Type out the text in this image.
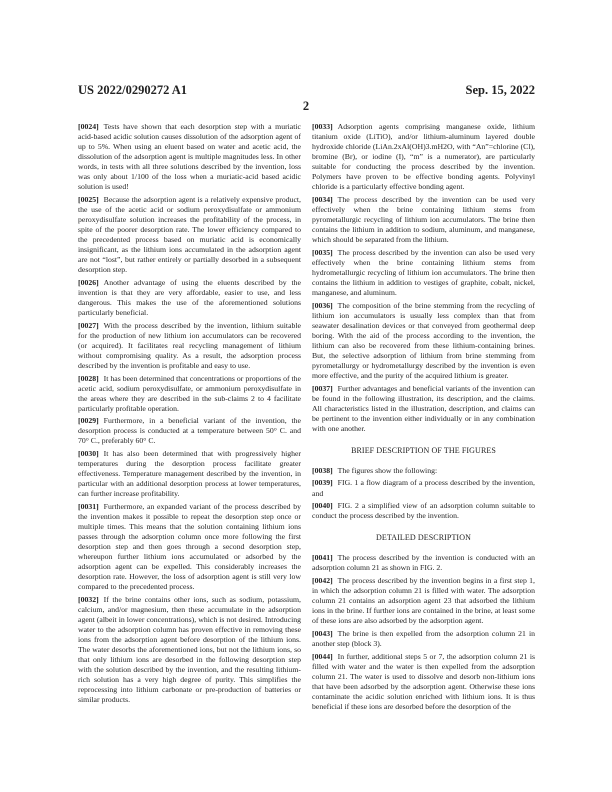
US 2022/0290272 A1	Sep. 15, 2022
2

[0024] Tests have shown that each desorption step with a muriatic acid-based acidic solution causes dissolution of the adsorption agent of up to 5%. When using an eluent based on water and acetic acid, the dissolution of the adsorption agent is multiple magnitudes less. In other words, in tests with all three solutions described by the invention, loss was only about 1/100 of the loss when a muriatic-acid based acidic solution is used!

[0025] Because the adsorption agent is a relatively expensive product, the use of the acetic acid or sodium peroxydisulfate or ammonium peroxydisulfate solution increases the profitability of the process, in spite of the poorer desorption rate. The lower efficiency compared to the precedented process based on muriatic acid is economically insignificant, as the lithium ions accumulated in the adsorption agent are not “lost”, but rather entirely or partially desorbed in a subsequent desorption step.

[0026] Another advantage of using the eluents described by the invention is that they are very affordable, easier to use, and less dangerous. This makes the use of the aforementioned solutions particularly beneficial.

[0027] With the process described by the invention, lithium suitable for the production of new lithium ion accumulators can be recovered (or acquired). It facilitates real recycling management of lithium without compromising quality. As a result, the adsorption process described by the invention is profitable and easy to use.

[0028] It has been determined that concentrations or proportions of the acetic acid, sodium peroxydisulfate, or ammonium peroxydisulfate in the areas where they are described in the sub-claims 2 to 4 facilitate particularly profitable operation.

[0029] Furthermore, in a beneficial variant of the invention, the desorption process is conducted at a temperature between 50° C. and 70° C., preferably 60° C.

[0030] It has also been determined that with progressively higher temperatures during the desorption process facilitate greater effectiveness. Temperature management described by the invention, in particular with an additional desorption process at lower temperatures, can further increase profitability.

[0031] Furthermore, an expanded variant of the process described by the invention makes it possible to repeat the desorption step once or multiple times. This means that the solution containing lithium ions passes through the adsorption column once more following the first desorption step and then goes through a second desorption step, whereupon further lithium ions accumulated or adsorbed by the adsorption agent can be expelled. This considerably increases the desorption rate. However, the loss of adsorption agent is still very low compared to the precedented process.

[0032] If the brine contains other ions, such as sodium, potassium, calcium, and/or magnesium, then these accumulate in the adsorption agent (albeit in lower concentrations), which is not desired. Introducing water to the adsorption column has proven effective in removing these ions from the adsorption agent before desorption of the lithium ions. The water desorbs the aforementioned ions, but not the lithium ions, so that only lithium ions are desorbed in the following desorption step with the solution described by the invention, and the resulting lithium-rich solution has a very high degree of purity. This simplifies the reprocessing into lithium carbonate or pre-production of batteries or similar products.

[0033] Adsorption agents comprising manganese oxide, lithium titanium oxide (LiTiO), and/or lithium-aluminum layered double hydroxide chloride (LiAn.2xAl(OH)3.mH2O, with “An”=chlorine (Cl), bromine (Br), or iodine (I), “m” is a numerator), are particularly suitable for conducting the process described by the invention. Polymers have proven to be effective bonding agents. Polyvinyl chloride is a particularly effective bonding agent.

[0034] The process described by the invention can be used very effectively when the brine containing lithium stems from pyrometallurgic recycling of lithium ion accumulators. The brine then contains the lithium in addition to sodium, aluminum, and manganese, which should be separated from the lithium.

[0035] The process described by the invention can also be used very effectively when the brine containing lithium stems from hydrometallurgic recycling of lithium ion accumulators. The brine then contains the lithium in addition to vestiges of graphite, cobalt, nickel, manganese, and aluminum.

[0036] The composition of the brine stemming from the recycling of lithium ion accumulators is usually less complex than that from seawater desalination devices or that conveyed from geothermal deep boring. With the aid of the process according to the invention, the lithium can also be recovered from these lithium-containing brines. But, the selective adsorption of lithium from brine stemming from pyrometallurgy or hydrometallurgy described by the invention is even more effective, and the purity of the acquired lithium is greater.

[0037] Further advantages and beneficial variants of the invention can be found in the following illustration, its description, and the claims. All characteristics listed in the illustration, description, and claims can be pertinent to the invention either individually or in any combination with one another.

BRIEF DESCRIPTION OF THE FIGURES

[0038] The figures show the following:

[0039] FIG. 1 a flow diagram of a process described by the invention, and

[0040] FIG. 2 a simplified view of an adsorption column suitable to conduct the process described by the invention.

DETAILED DESCRIPTION

[0041] The process described by the invention is conducted with an adsorption column 21 as shown in FIG. 2.

[0042] The process described by the invention begins in a first step 1, in which the adsorption column 21 is filled with water. The adsorption column 21 contains an adsorption agent 23 that adsorbed the lithium ions in the brine. If further ions are contained in the brine, at least some of these ions are also adsorbed by the adsorption agent.

[0043] The brine is then expelled from the adsorption column 21 in another step (block 3).

[0044] In further, additional steps 5 or 7, the adsorption column 21 is filled with water and the water is then expelled from the adsorption column 21. The water is used to dissolve and desorb non-lithium ions that have been adsorbed by the adsorption agent. Otherwise these ions contaminate the acidic solution enriched with lithium ions. It is thus beneficial if these ions are desorbed before the desorption of the
